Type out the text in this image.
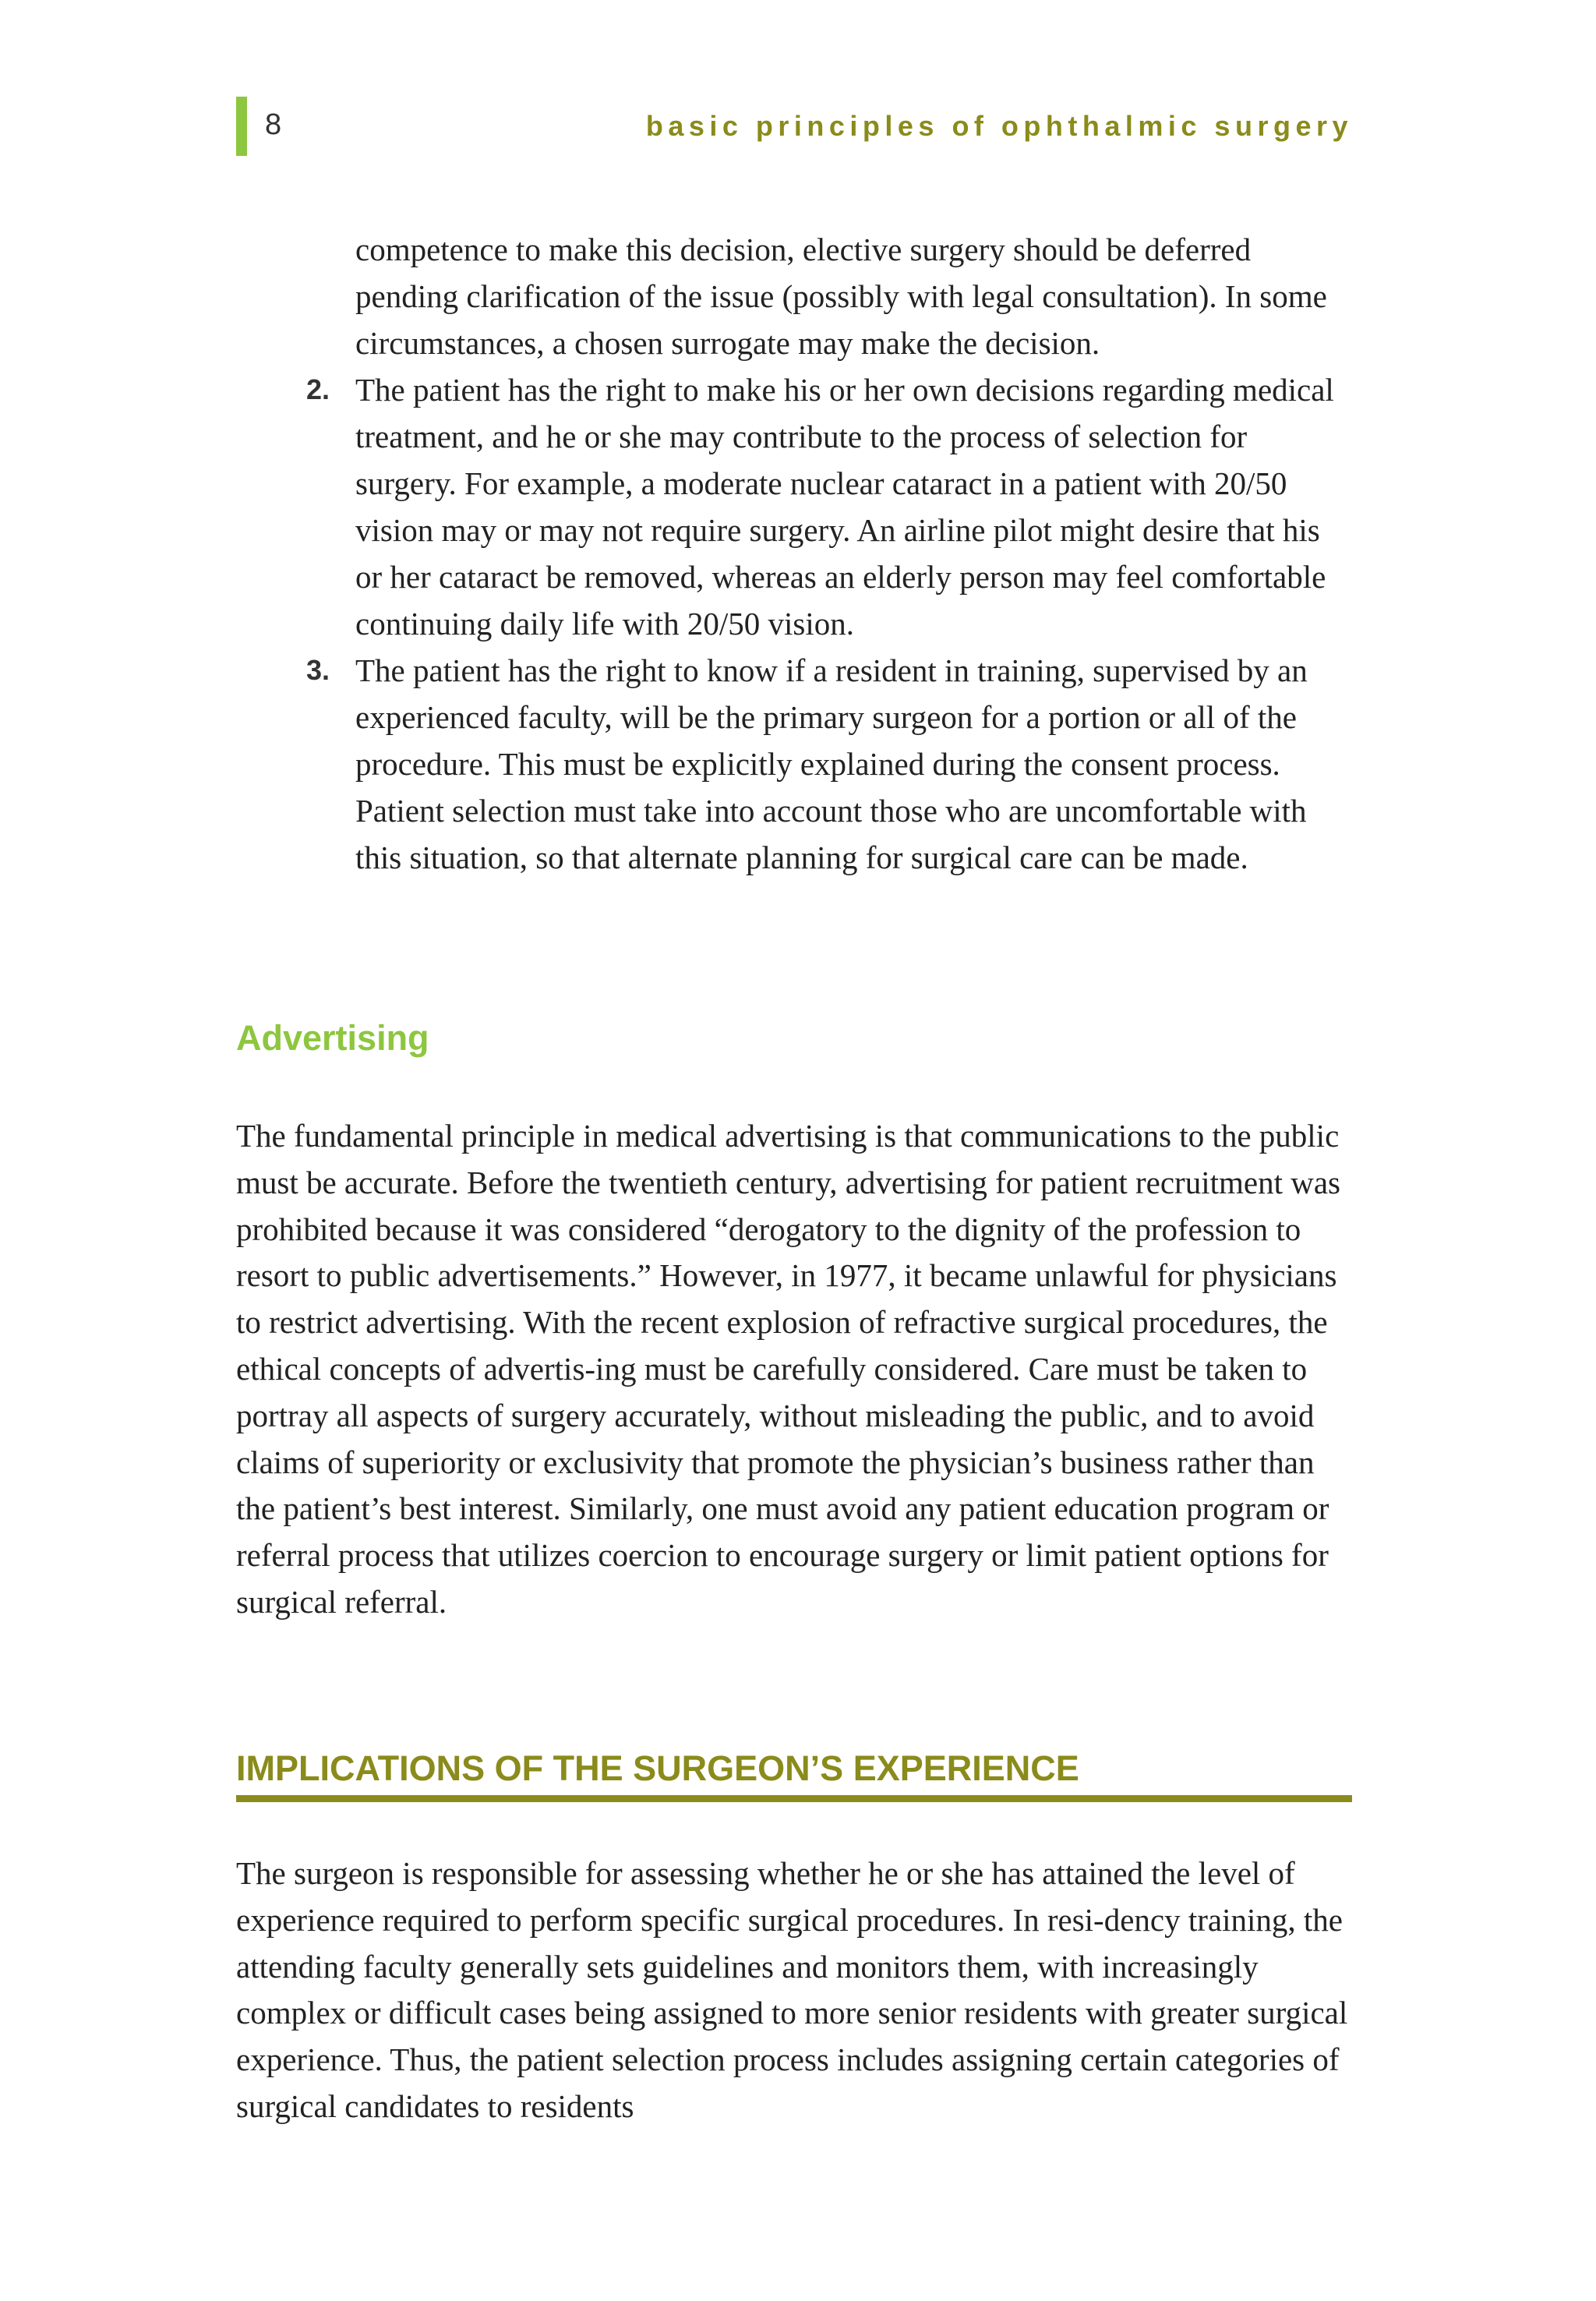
8	basic principles of ophthalmic surgery

competence to make this decision, elective surgery should be deferred pending clarification of the issue (possibly with legal consultation). In some circumstances, a chosen surrogate may make the decision.

2. The patient has the right to make his or her own decisions regarding medical treatment, and he or she may contribute to the process of selection for surgery. For example, a moderate nuclear cataract in a patient with 20/50 vision may or may not require surgery. An airline pilot might desire that his or her cataract be removed, whereas an elderly person may feel comfortable continuing daily life with 20/50 vision.

3. The patient has the right to know if a resident in training, supervised by an experienced faculty, will be the primary surgeon for a portion or all of the procedure. This must be explicitly explained during the consent process. Patient selection must take into account those who are uncomfortable with this situation, so that alternate planning for surgical care can be made.

Advertising

The fundamental principle in medical advertising is that communications to the public must be accurate. Before the twentieth century, advertising for patient recruitment was prohibited because it was considered “derogatory to the dignity of the profession to resort to public advertisements.” However, in 1977, it became unlawful for physicians to restrict advertising. With the recent explosion of refractive surgical procedures, the ethical concepts of advertis-ing must be carefully considered. Care must be taken to portray all aspects of surgery accurately, without misleading the public, and to avoid claims of superiority or exclusivity that promote the physician’s business rather than the patient’s best interest. Similarly, one must avoid any patient education program or referral process that utilizes coercion to encourage surgery or limit patient options for surgical referral.

IMPLICATIONS OF THE SURGEON’S EXPERIENCE

The surgeon is responsible for assessing whether he or she has attained the level of experience required to perform specific surgical procedures. In resi-dency training, the attending faculty generally sets guidelines and monitors them, with increasingly complex or difficult cases being assigned to more senior residents with greater surgical experience. Thus, the patient selection process includes assigning certain categories of surgical candidates to residents
